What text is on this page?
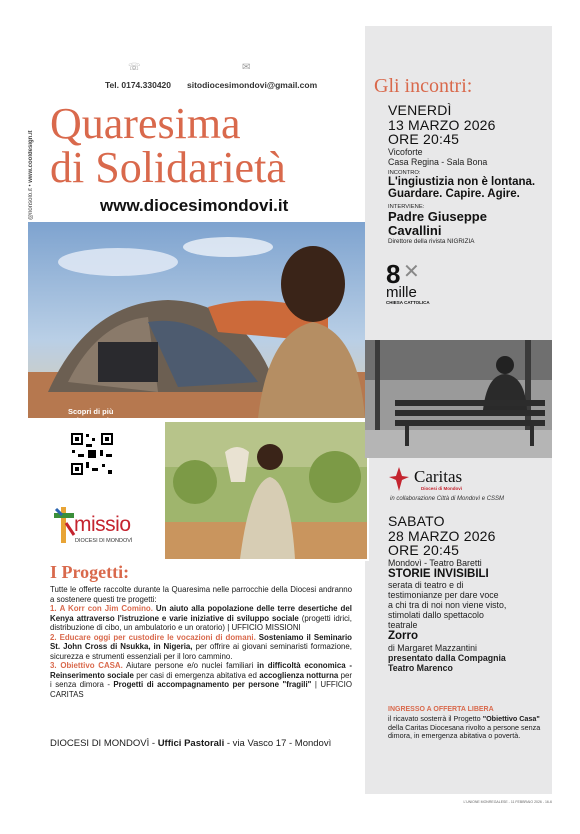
☏
Tel. 0174.330420
✉
sitodiocesimondovi@gmail.com
@nonsolo.it • www.cooldesign.it
Quaresima
di Solidarietà
www.diocesimondovi.it
Scopri di più
sui progetti
missio
DIOCESI DI MONDOVÌ
I Progetti:

Tutte le offerte raccolte durante la Quaresima nelle parrocchie della Diocesi andranno a sostenere questi tre progetti:

1. A Korr con Jim Comino. Un aiuto alla popolazione delle terre desertiche del Kenya attraverso l'istruzione e varie iniziative di sviluppo sociale (progetti idrici, distribuzione di cibo, un ambulatorio e un oratorio) | UFFICIO MISSIONI

2. Educare oggi per custodire le vocazioni di domani. Sosteniamo il Seminario St. John Cross di Nsukka, in Nigeria, per offrire ai giovani seminaristi formazione, sicurezza e strumenti essenziali per il loro cammino.

3. Obiettivo CASA. Aiutare persone e/o nuclei familiari in difficoltà economica - Reinserimento sociale per casi di emergenza abitativa ed accoglienza notturna per i senza dimora - Progetti di accompagnamento per persone "fragili" | UFFICIO CARITAS

DIOCESI DI MONDOVÌ - Uffici Pastorali - via Vasco 17 - Mondovì
Gli incontri:
VENERDÌ
13 MARZO 2026
ORE 20:45
Vicoforte
Casa Regina - Sala Bona
INCONTRO:
L'ingiustizia non è lontana.
Guardare. Capire. Agire.
INTERVIENE:
Padre Giuseppe
Cavallini
Direttore della rivista NIGRIZIA
8 ✕
mille
CHIESA CATTOLICA
Caritas
Diocesi di Mondovì
in collaborazione Città di Mondovì e CSSM
SABATO
28 MARZO 2026
ORE 20:45
Mondovì - Teatro Baretti
STORIE INVISIBILI
serata di teatro e di
testimonianze per dare voce
a chi tra di noi non viene visto,
stimolati dallo spettacolo
teatrale
Zorro
di Margaret Mazzantini
presentato dalla Compagnia
Teatro Marenco
INGRESSO A OFFERTA LIBERA
il ricavato sosterrà il Progetto "Obiettivo Casa" della Caritas Diocesana rivolto a persone senza dimora, in emergenza abitativa o povertà.
L'UNIONE MONREGALESE - 11 FEBBRAIO 2026 - 16-6
